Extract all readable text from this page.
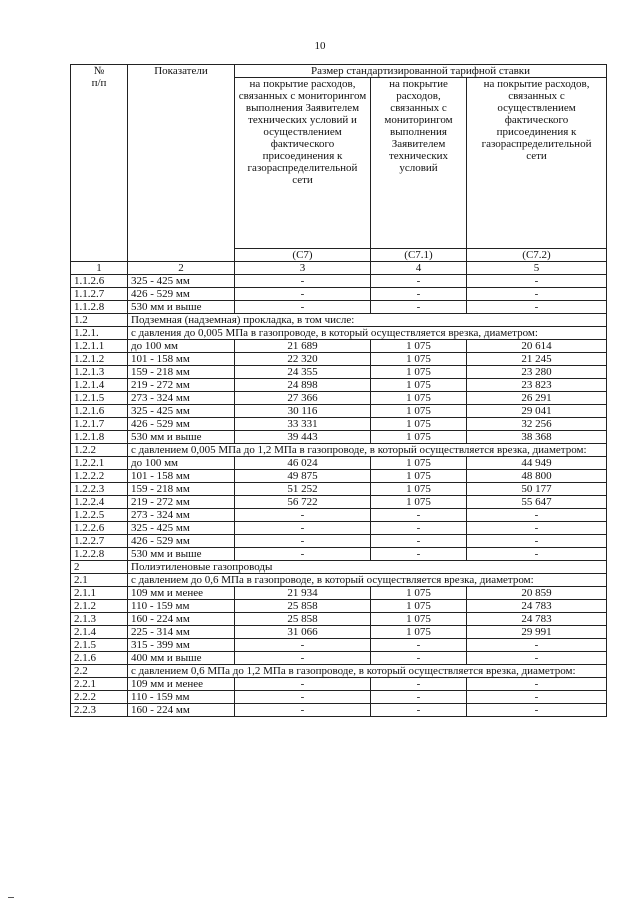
10
№
п/п	Показатели	Размер стандартизированной тарифной ставки		
		на покрытие расходов, связанных с мониторингом выполнения Заявителем технических условий и осуществлением фактического присоединения к газораспределительной сети	на покрытие расходов, связанных с мониторингом выполнения Заявителем технических условий	на покрытие расходов, связанных с осуществлением фактического присоединения к газораспределительной сети
		(С7)	(С7.1)	(С7.2)
1	2	3	4	5
1.1.2.6	325 - 425 мм	-	-	-
1.1.2.7	426 - 529 мм	-	-	-
1.1.2.8	530 мм и выше	-	-	-
1.2	Подземная (надземная) прокладка, в том числе:			
1.2.1.	с давления до 0,005 МПа в газопроводе, в который осуществляется врезка, диаметром:			
1.2.1.1	до 100 мм	21 689	1 075	20 614
1.2.1.2	101 - 158 мм	22 320	1 075	21 245
1.2.1.3	159 - 218 мм	24 355	1 075	23 280
1.2.1.4	219 - 272 мм	24 898	1 075	23 823
1.2.1.5	273 - 324 мм	27 366	1 075	26 291
1.2.1.6	325 - 425 мм	30 116	1 075	29 041
1.2.1.7	426 - 529 мм	33 331	1 075	32 256
1.2.1.8	530 мм и выше	39 443	1 075	38 368
1.2.2	с давлением 0,005 МПа до 1,2 МПа в газопроводе, в который осуществляется врезка, диаметром:			
1.2.2.1	до 100 мм	46 024	1 075	44 949
1.2.2.2	101 - 158 мм	49 875	1 075	48 800
1.2.2.3	159 - 218 мм	51 252	1 075	50 177
1.2.2.4	219 - 272 мм	56 722	1 075	55 647
1.2.2.5	273 - 324 мм	-	-	-
1.2.2.6	325 - 425 мм	-	-	-
1.2.2.7	426 - 529 мм	-	-	-
1.2.2.8	530 мм и выше	-	-	-
2	Полиэтиленовые газопроводы			
2.1	с давлением до 0,6 МПа в газопроводе, в который осуществляется врезка, диаметром:			
2.1.1	109 мм и менее	21 934	1 075	20 859
2.1.2	110 - 159 мм	25 858	1 075	24 783
2.1.3	160 - 224 мм	25 858	1 075	24 783
2.1.4	225 - 314 мм	31 066	1 075	29 991
2.1.5	315 - 399 мм	-	-	-
2.1.6	400 мм и выше	-	-	-
2.2	с давлением 0,6 МПа до 1,2 МПа в газопроводе, в который осуществляется врезка, диаметром:			
2.2.1	109 мм и менее	-	-	-
2.2.2	110 - 159 мм	-	-	-
2.2.3	160 - 224 мм	-	-	-
